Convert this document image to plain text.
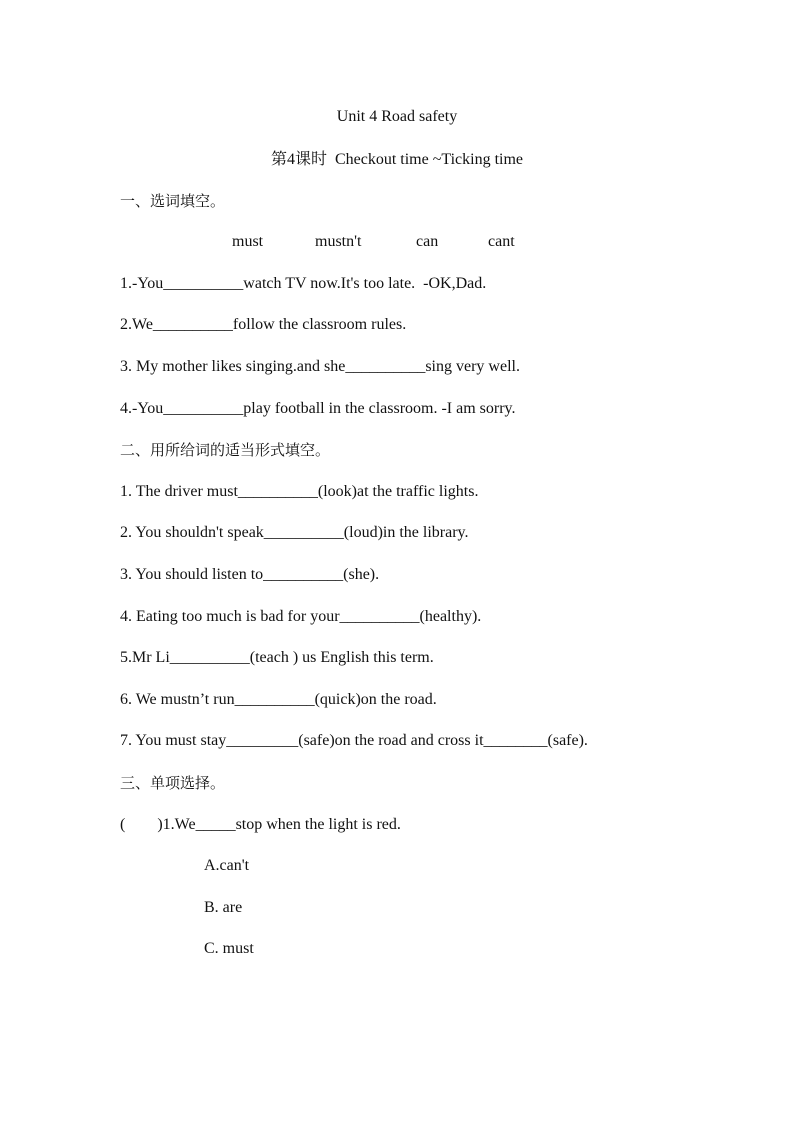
Unit 4 Road safety
第4课时  Checkout time ~Ticking time
一、选词填空。
must	mustn't	can	cant
1.-You__________watch TV now.It's too late.  -OK,Dad.
2.We__________follow the classroom rules.
3. My mother likes singing.and she__________sing very well.
4.-You__________play football in the classroom. -I am sorry.
二、用所给词的适当形式填空。
1. The driver must__________(look)at the traffic lights.
2. You shouldn't speak__________(loud)in the library.
3. You should listen to__________(she).
4. Eating too much is bad for your__________(healthy).
5.Mr Li__________(teach ) us English this term.
6. We mustn’t run__________(quick)on the road.
7. You must stay_________(safe)on the road and cross it________(safe).
三、单项选择。
(        )1.We_____stop when the light is red.
A.can't
B. are
C. must
